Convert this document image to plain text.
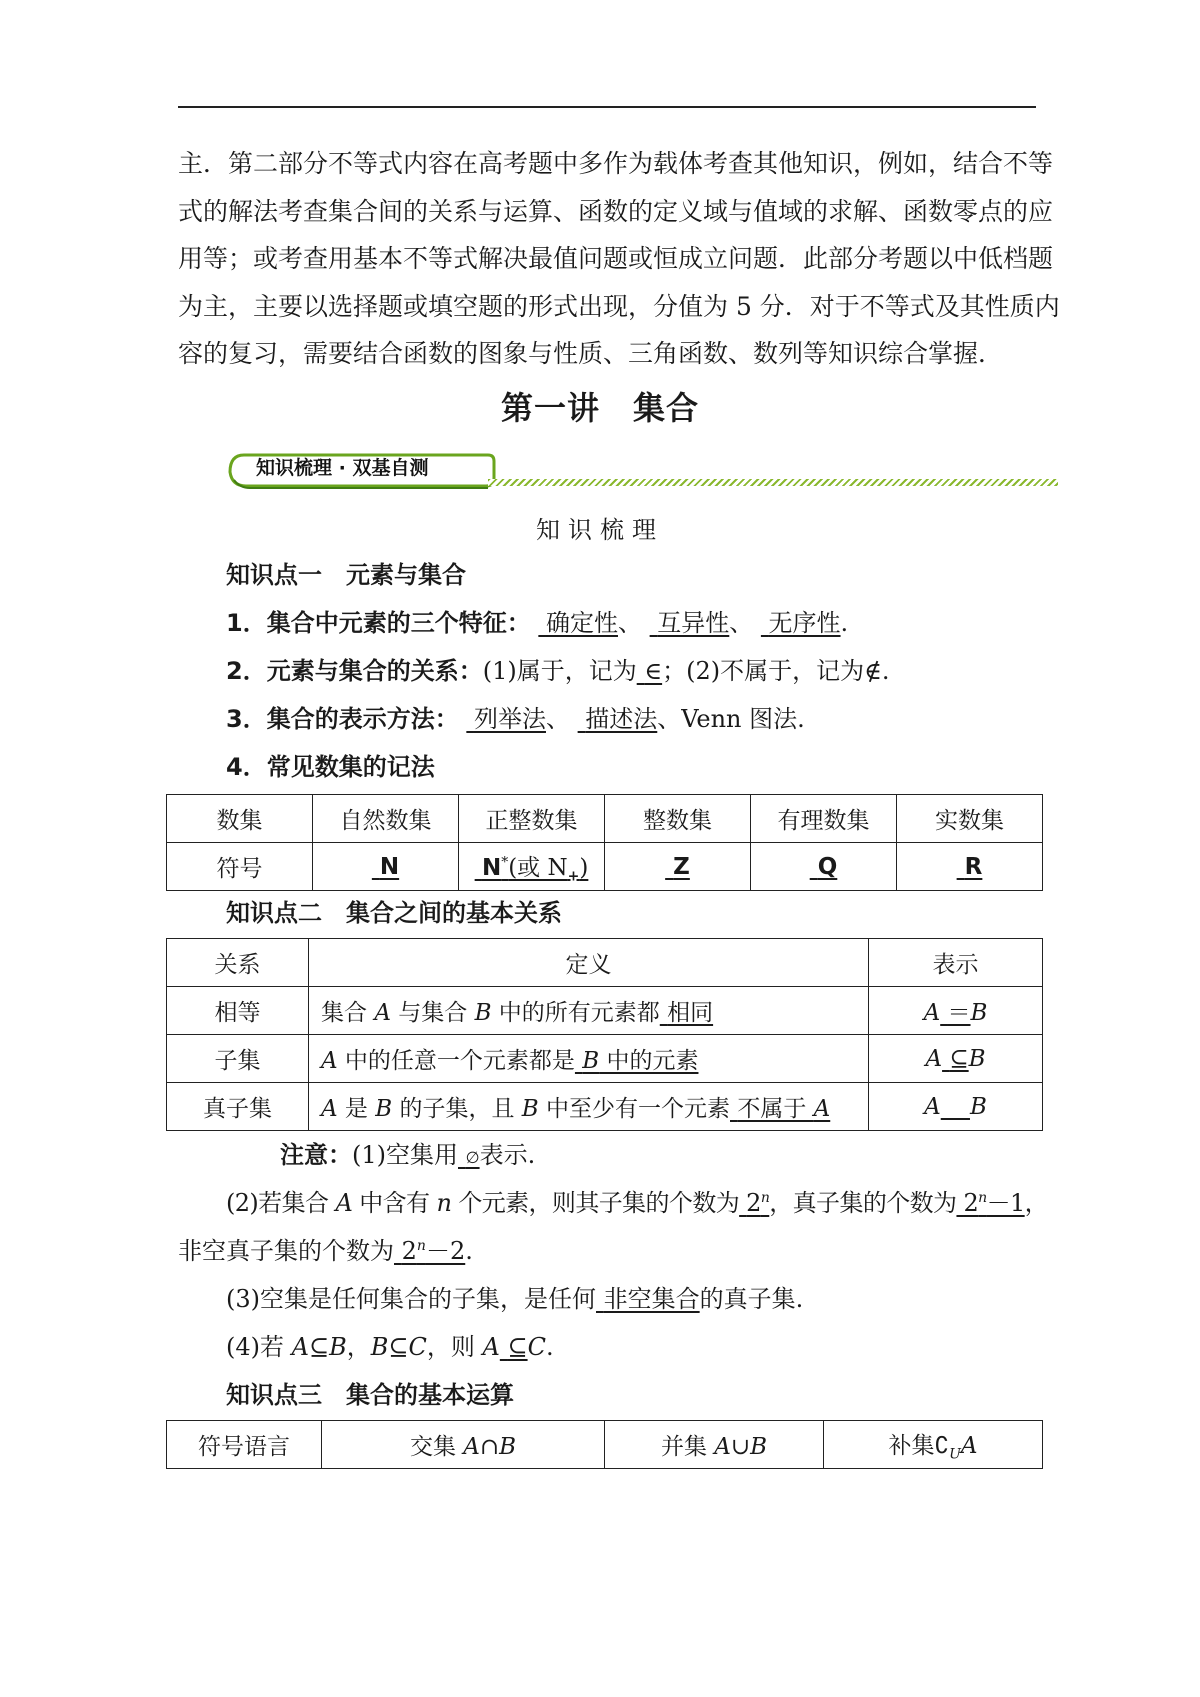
主．第二部分不等式内容在高考题中多作为载体考查其他知识，例如，结合不等
式的解法考查集合间的关系与运算、函数的定义域与值域的求解、函数零点的应
用等；或考查用基本不等式解决最值问题或恒成立问题．此部分考题以中低档题
为主，主要以选择题或填空题的形式出现，分值为 5 分．对于不等式及其性质内
容的复习，需要结合函数的图象与性质、三角函数、数列等知识综合掌握．
第一讲　集合
知识梳理 · 双基自测
知识梳理
知识点一　元素与集合
1．集合中元素的三个特征： 确定性、 互异性、 无序性.
2．元素与集合的关系：(1)属于，记为 ∈；(2)不属于，记为∉.
3．集合的表示方法： 列举法、 描述法、Venn 图法.
4．常见数集的记法
数集	自然数集	正整数集	整数集	有理数集	实数集
符号	N	N*(或 $N_+$)	Z	Q	R
知识点二　集合之间的基本关系
关系	定义	表示
相等	集合 A 与集合 B 中的所有元素都 相同	A ＝B
子集	A 中的任意一个元素都是 B 中的元素	A ⊆B
真子集	A 是 B 的子集，且 B 中至少有一个元素 不属于 A	A B
注意：(1)空集用 ∅表示.
(2)若集合 A 中含有 n 个元素，则其子集的个数为 2$^n$，真子集的个数为 $2^n-1$，
非空真子集的个数为 $2^n-2$.
(3)空集是任何集合的子集，是任何 非空集合的真子集.
(4)若 A⊆B，B⊆C，则 A ⊆C.
知识点三　集合的基本运算
符号语言	交集 A∩B	并集 A∪B	补集$∁_UA$
